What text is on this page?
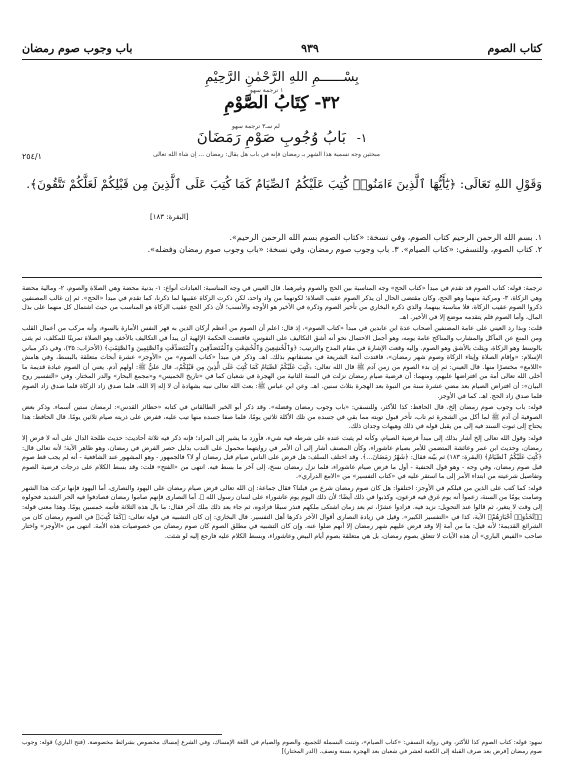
كتاب الصوم
٩٣٩
باب وجوب صوم رمضان
بِسْــــــمِ اللهِ الرَّحْمٰنِ الرَّحِيْمِ
١ ترجمة سهو
٣٢- كِتَابُ الصَّوْمِ
لم سـ٣ ترجمة سهو
١- بَابُ وُجُوبِ صَوْمِ رَمَضَانَ
مبحثين وجه تسمية هذا الشهر بـ رمضان فإنه في باب هل يقال: رمضان ... إن شاء الله تعالى
٢٥٤/١
وَقَوْلِ اللهِ تَعَالَى: ﴿يَٰٓأَيُّهَا ٱلَّذِينَ ءَامَنُوا۟ كُتِبَ عَلَيْكُمُ ٱلصِّيَامُ كَمَا كُتِبَ عَلَى ٱلَّذِينَ مِن قَبْلِكُمْ لَعَلَّكُمْ تَتَّقُونَ﴾.
[البقرة: ١٨٣]
١. بسم الله الرحمن الرحيم كتاب الصوم، وفي نسخة: «كتاب الصوم بسم الله الرحمن الرحيم».
٢. كتاب الصوم، وللنسفي: «كتاب الصيام». ٣. باب وجوب صوم رمضان، وفي نسخة: «باب وجوب صوم رمضان وفضله».

ترجمة: قوله: كتاب الصوم قد تقدم في مبدأ «كتاب الحج» وجه المناسبة بين الحج والصوم وغيرهما. قال العيني في وجه المناسبة: العبادات أنواع: ١- بدنية محضة وهي الصلاة والصوم، ٢- ومالية محضة وهي الزكاة، ٣- ومركبة منهما وهو الحج، وكان مقتضى الحال أن يذكر الصوم عقيب الصلاة؛ لكونهما من واد واحد، لكن ذكرت الزكاة عقيبها لما ذكرنا، كما تقدم في مبدأ «الحج». ثم إن غالب المصنفين ذكروا الصوم عقيب الزكاة، فلا مناسبة بينهما، والذي ذكره البخاري من تأخير الصوم وذكره في الأخير هو الأوجه والأنسب؛ لأن ذكر الحج عقيب الزكاة هو المناسب من حيث اشتمال كل منهما على بذل المال، وأما الصوم فلم يتقدمه موضع إلا في الأخير. اهـ.

قلت: وبذا رد العيني على عامة المصنفين أصحاب عدة ابن عابدين في مبدأ «كتاب الصوم»، إذ قال: اعلم أن الصوم من أعظم أركان الدين به قهر النفس الأمارة بالسوء، وأنه مركب من أعمال القلب ومن المنع عن المآكل والمشارب والمناكح عامة يومه، وهو أجمل الاحتمال نحو أنه أشق التكاليف على النفوس، فاقتضت الحكمة الإلهية أن يبدأ في التكاليف بالأخف وهو الصلاة تمرينًا للمكلف، ثم يثنى بالوسط وهو الزكاة، ويثلث بالأشق وهو الصوم. وإليه وقعت الإشارة في مقام المدح والترتيب: ﴿وَٱلْخَٰشِعِينَ وَٱلْخَٰشِعَٰتِ وَٱلْمُتَصَدِّقِينَ وَٱلْمُتَصَدِّقَٰتِ وَٱلصَّٰٓئِمِينَ وَٱلصَّٰٓئِمَٰتِ﴾ (الأحزاب: ٣٥)، وفي ذكر مباني الإسلام: «وإقام الصلاة وإيتاء الزكاة وصوم شهر رمضان»، فاقتدت أئمة الشريعة في مصنفاتهم بذلك. اهـ. وذكر في مبدأ «كتاب الصوم» من «الأوجز» عشرة أبحاث متعلقة بالبسط، وفي هامش «اللامع» مختصرًا منها. قال العيني: ثم إن بدء الصوم من زمن آدم ﷺ قال الله تعالى: ﴿كُتِبَ عَلَيْكُمُ ٱلصِّيَامُ كَمَا كُتِبَ عَلَى ٱلَّذِينَ مِن قَبْلِكُمْ﴾. قال عليٌّ ﷺ: أولهم آدم. يعني أن الصوم عبادة قديمة ما أخلى الله تعالى أمة من افتراضها عليهم، ومنهما: أن فرضية صيام رمضان نزلت في السنة الثانية من الهجرة في شعبان كما في «تاريخ الخميس» و«مجمع البحار» والدر المختار. وفي «التفسير روح البيان»: أن افتراض الصيام بعد مضي عشرة سنة من النبوة بعد الهجرة بثلاث سنين. اهـ. وعن ابن عباس ﷺ: بعث الله تعالى نبيه بشهادة أن لا إله إلا الله، فلما صدق زاد الزكاة فلما صدق زاد الصوم فلما صدق زاد الحج. اهـ. كما في الأوجز.

قوله: باب وجوب صوم رمضان إلخ، قال الحافظ: كذا للأكثر، وللنسفي: «باب وجوب رمضان وفضله». وقد ذكر أبو الخير الطالقاني في كتابه «حظائر القدس»: لرمضان ستين أسماء. وذكر بعض الصوفية أن آدم ﷺ لما أكل من الشجرة ثم تاب، تأخر قبول توبته مما بقي في جسده من تلك الأكلة ثلاثين يومًا، فلما صفا جسده منها تيب عليه، ففرض على ذريته صيام ثلاثين يومًا. قال الحافظ: هذا يحتاج إلى ثبوت السند فيه إلى من يقبل قوله في ذلك وهيهات وجدان ذلك.

قوله: وقول الله تعالى إلخ أشار بذلك إلى مبدأ فرضية الصيام، وكأنه لم يثبت عنده على شرطه فيه شيء، فأورد ما يشير إلى المراد؛ فإنه ذكر فيه ثلاثة أحاديث: حديث طلحة الدال على أنه لا فرض إلا رمضان، وحديث ابن عمر وعائشة المتضمن للأمر بصيام عاشوراء، وكأن المصنف أشار إلى أن الأمر في روايتهما محمول على الندب بدليل حصر الفرض في رمضان، وهو ظاهر الآية؛ لأنه تعالى قال: ﴿كُتِبَ عَلَيْكُمُ ٱلصِّيَامُ﴾ (البقرة: ١٨٣) ثم بيّنه فقال: ﴿شَهْرُ رَمَضَانَ...﴾. وقد اختلف السلف: هل فرض على الناس صيام قبل رمضان أو لا؟ فالجمهور - وهو المشهور عند الشافعية - أنه لم يجب قط صوم قبل صوم رمضان، وفي وجه - وهو قول الحنفية - أول ما فرض صيام عاشوراء، فلما نزل رمضان نسخ، إلى آخر ما بسط فيه. انتهى من «الفتح» قلت: وقد بسط الكلام على درجات فرضية الصوم وتفاصيل شرعيته من ابتداء الأمر إلى ما استقر عليه في «كتاب التفسير» من «الامع الدراري».

قوله: كما كتب على الذين من قبلكم في الأوجز: اختلفوا: هل كان صوم رمضان شرع من قبلنا؟ فقال جماعة: إن الله تعالى فرض صيام رمضان على اليهود والنصارى، أما اليهود فإنها تركت هذا الشهر وصامت يومًا من السنة، زعموا أنه يوم غرق فيه فرعون، وكذبوا في ذلك أيضًا؛ لأن ذلك اليوم يوم عاشوراء على لسان رسول الله ﷺ. أما النصارى فإنهم صاموا رمضان فصادفوا فيه الحر الشديد فحولوه إلى وقت لا يتغير، ثم قالوا عند التحويل: نزيد فيه. فزادوا عشرًا، ثم بعد زمان اشتكى ملكهم فنذر سبعًا فزادوه، ثم جاء بعد ذلك ملك آخر فقال: ما بال هذه الثلاثة فأتمه خمسين يومًا. وهذا معنى قوله: ﴿ٱتَّخَذُوٓا۟ أَحْبَارَهُمْ﴾ الآية، كذا في «التفسير الكبير». وقيل في زيادة النصارى أقوال الآخر ذكرها أهل التفسير. قال البخاري: إن كان التشبيه في قوله تعالى: ﴿كَمَا كُتِبَ﴾ في الصوم رمضان كان من الشرائع القديمة؛ لأنه قيل: ما من أمة إلا وقد فرض عليهم شهر رمضان إلا أنهم ضلوا عنه. وإن كان التشبيه في مطلق الصوم كان صوم رمضان من خصوصيات هذه الأمة. انتهى من «الأوجز» واختار صاحب «الفيض الباري» أن هذه الآيات لا تتعلق بصوم رمضان، بل هي متعلقة بصوم أيام البيض وعاشوراء، وبسط الكلام عليه فارجع إليه لو شئت.

سهو: قوله: كتاب الصوم كذا للأكثر، وفي رواية النسفي: «كتاب الصيام»، وثبتت البسملة للجميع. والصوم والصيام في اللغة الإمساك، وفي الشرع إمساك مخصوص بشرائط مخصوصة. (فتح الباري) قوله: وجوب صوم رمضان [فرض بعد صرف القبلة إلى الكعبة لعشر في شعبان بعد الهجرة بسنة ونصف. (الدر المختار)]
